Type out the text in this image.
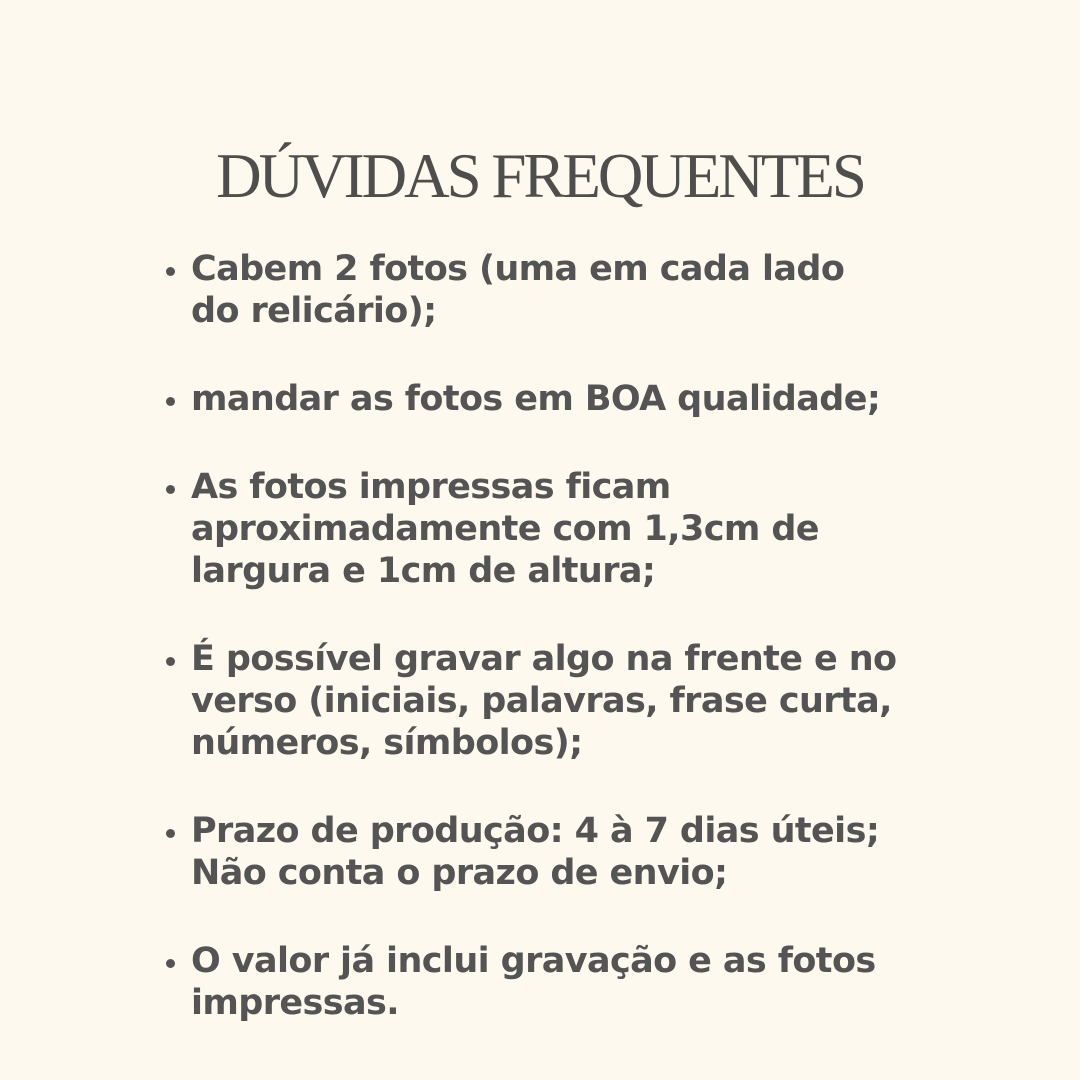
DÚVIDAS FREQUENTES
Cabem 2 fotos (uma em cada lado
do relicário);
mandar as fotos em BOA qualidade;
As fotos impressas ficam
aproximadamente com 1,3cm de
largura e 1cm de altura;
É possível gravar algo na frente e no
verso (iniciais, palavras, frase curta,
números, símbolos);
Prazo de produção: 4 à 7 dias úteis;
Não conta o prazo de envio;
O valor já inclui gravação e as fotos
impressas.
